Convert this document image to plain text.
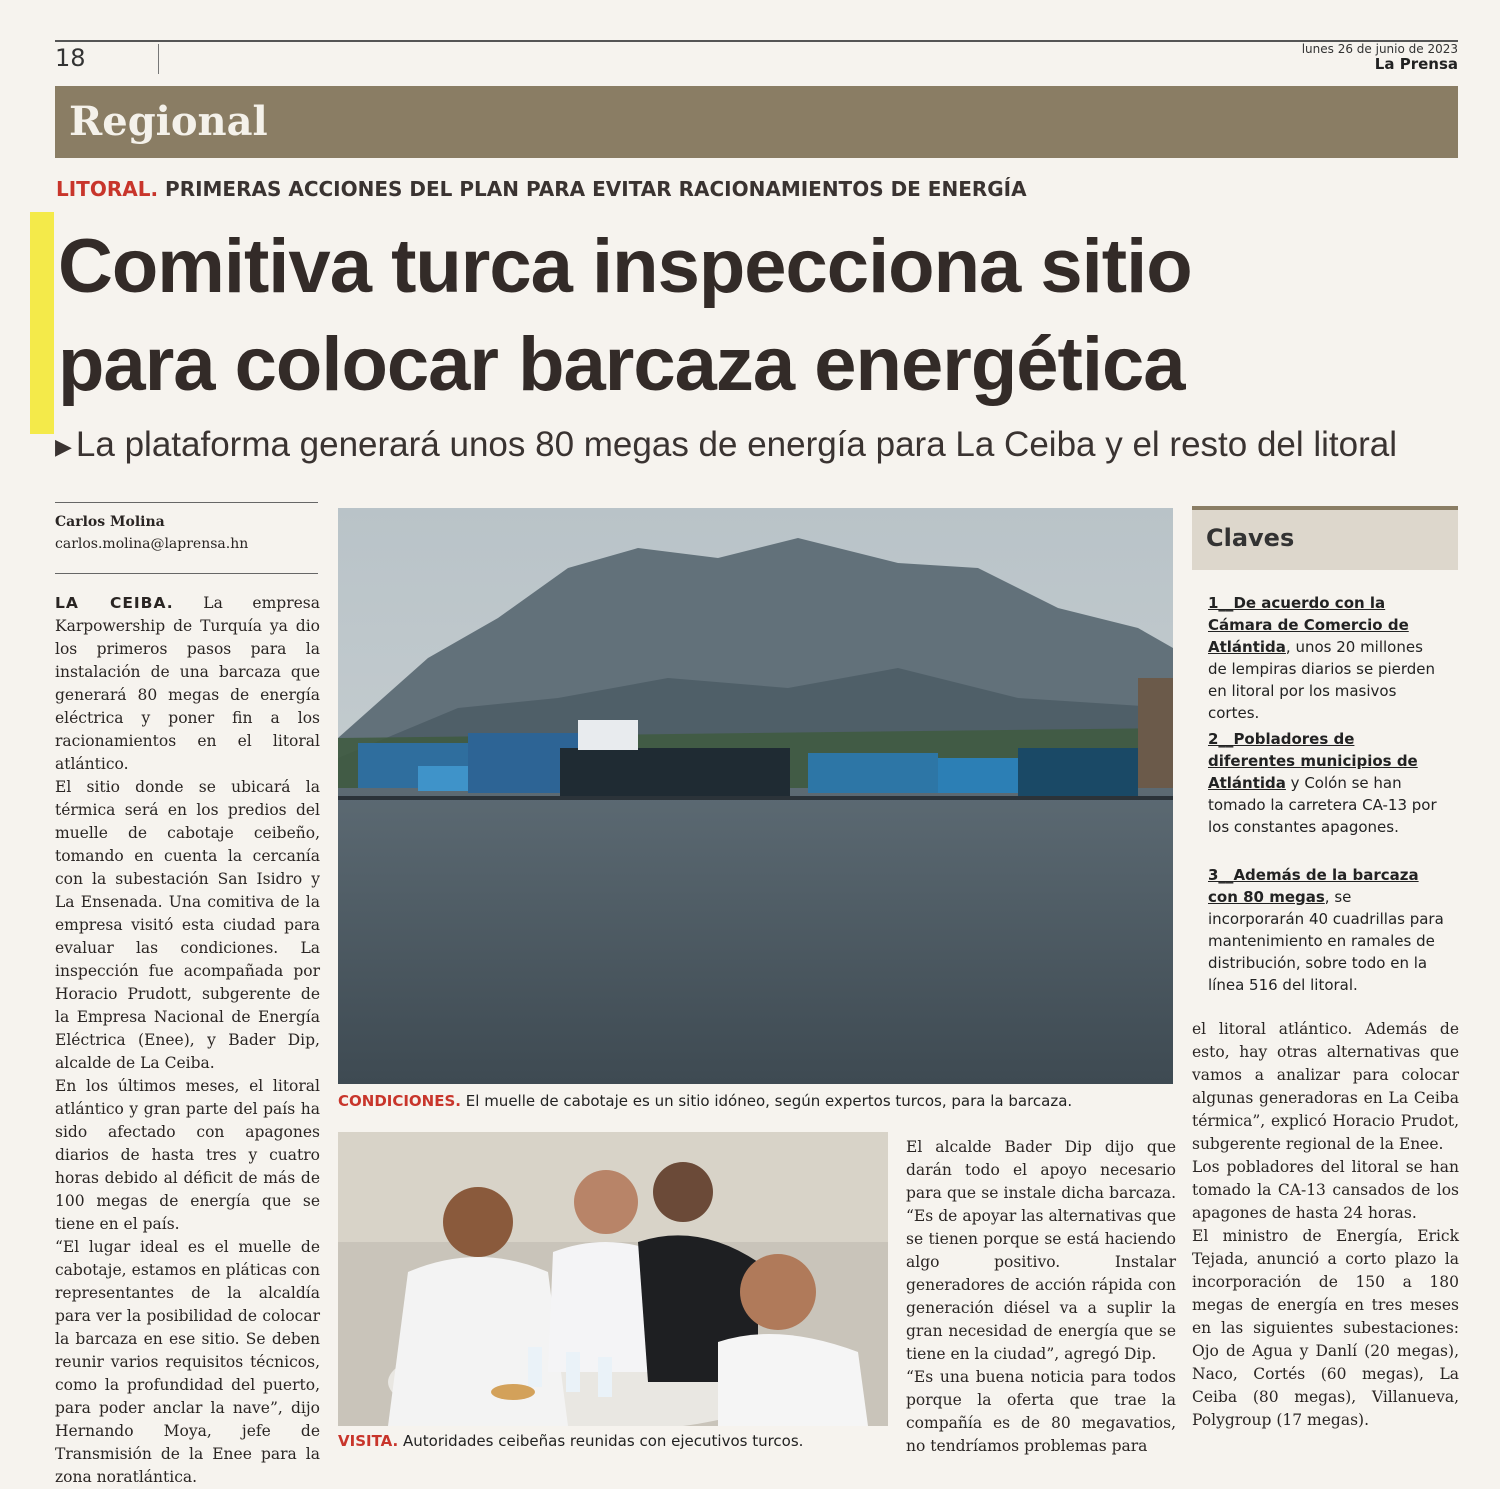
18	lunes 26 de junio de 2023
La Prensa
Regional
LITORAL. PRIMERAS ACCIONES DEL PLAN PARA EVITAR RACIONAMIENTOS DE ENERGÍA
Comitiva turca inspecciona sitio
para colocar barcaza energética
▶ La plataforma generará unos 80 megas de energía para La Ceiba y el resto del litoral
Carlos Molina
carlos.molina@laprensa.hn

LA CEIBA. La empresa Karpowership de Turquía ya dio los primeros pasos para la instalación de una barcaza que generará 80 megas de energía eléctrica y poner fin a los racionamientos en el litoral atlántico.

El sitio donde se ubicará la térmica será en los predios del muelle de cabotaje ceibeño, tomando en cuenta la cercanía con la subestación San Isidro y La Ensenada. Una comitiva de la empresa visitó esta ciudad para evaluar las condiciones. La inspección fue acompañada por Horacio Prudott, subgerente de la Empresa Nacional de Energía Eléctrica (Enee), y Bader Dip, alcalde de La Ceiba.

En los últimos meses, el litoral atlántico y gran parte del país ha sido afectado con apagones diarios de hasta tres y cuatro horas debido al déficit de más de 100 megas de energía que se tiene en el país.

“El lugar ideal es el muelle de cabotaje, estamos en pláticas con representantes de la alcaldía para ver la posibilidad de colocar la barcaza en ese sitio. Se deben reunir varios requisitos técnicos, como la profundidad del puerto, para poder anclar la nave”, dijo Hernando Moya, jefe de Transmisión de la Enee para la zona noratlántica.

CONDICIONES. El muelle de cabotaje es un sitio idóneo, según expertos turcos, para la barcaza.
VISITA. Autoridades ceibeñas reunidas con ejecutivos turcos.

El alcalde Bader Dip dijo que darán todo el apoyo necesario para que se instale dicha barcaza. “Es de apoyar las alternativas que se tienen porque se está haciendo algo positivo. Instalar generadores de acción rápida con generación diésel va a suplir la gran necesidad de energía que se tiene en la ciudad”, agregó Dip.

“Es una buena noticia para todos porque la oferta que trae la compañía es de 80 megavatios, no tendríamos problemas para

Claves
1__De acuerdo con la Cámara de Comercio de Atlántida, unos 20 millones de lempiras diarios se pierden en litoral por los masivos cortes.
2__Pobladores de diferentes municipios de Atlántida y Colón se han tomado la carretera CA-13 por los constantes apagones.
3__Además de la barcaza con 80 megas, se incorporarán 40 cuadrillas para mantenimiento en ramales de distribución, sobre todo en la línea 516 del litoral.

el litoral atlántico. Además de esto, hay otras alternativas que vamos a analizar para colocar algunas generadoras en La Ceiba térmica”, explicó Horacio Prudot, subgerente regional de la Enee.

Los pobladores del litoral se han tomado la CA-13 cansados de los apagones de hasta 24 horas.

El ministro de Energía, Erick Tejada, anunció a corto plazo la incorporación de 150 a 180 megas de energía en tres meses en las siguientes subestaciones: Ojo de Agua y Danlí (20 megas), Naco, Cortés (60 megas), La Ceiba (80 megas), Villanueva, Polygroup (17 megas).
